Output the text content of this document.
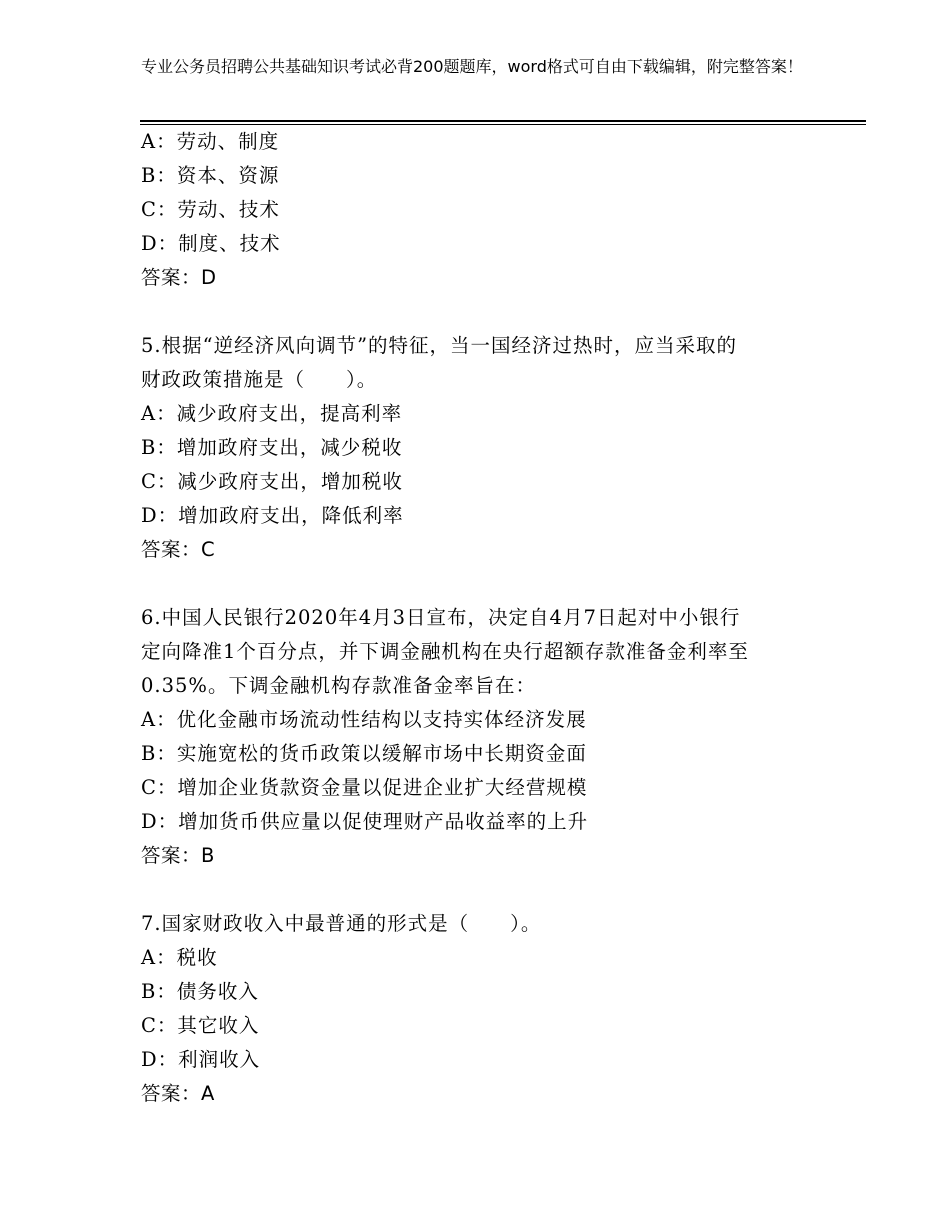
专业公务员招聘公共基础知识考试必背200题题库，word格式可自由下载编辑，附完整答案！
A：劳动、制度
B：资本、资源
C：劳动、技术
D：制度、技术
答案：D
5.根据“逆经济风向调节”的特征，当一国经济过热时，应当采取的
财政政策措施是（　　）。
A：减少政府支出，提高利率
B：增加政府支出，减少税收
C：减少政府支出，增加税收
D：增加政府支出，降低利率
答案：C
6.中国人民银行2020年4月3日宣布，决定自4月7日起对中小银行
定向降准1个百分点，并下调金融机构在央行超额存款准备金利率至
0.35%。下调金融机构存款准备金率旨在：
A：优化金融市场流动性结构以支持实体经济发展
B：实施宽松的货币政策以缓解市场中长期资金面
C：增加企业货款资金量以促进企业扩大经营规模
D：增加货币供应量以促使理财产品收益率的上升
答案：B
7.国家财政收入中最普通的形式是（　　）。
A：税收
B：债务收入
C：其它收入
D：利润收入
答案：A
